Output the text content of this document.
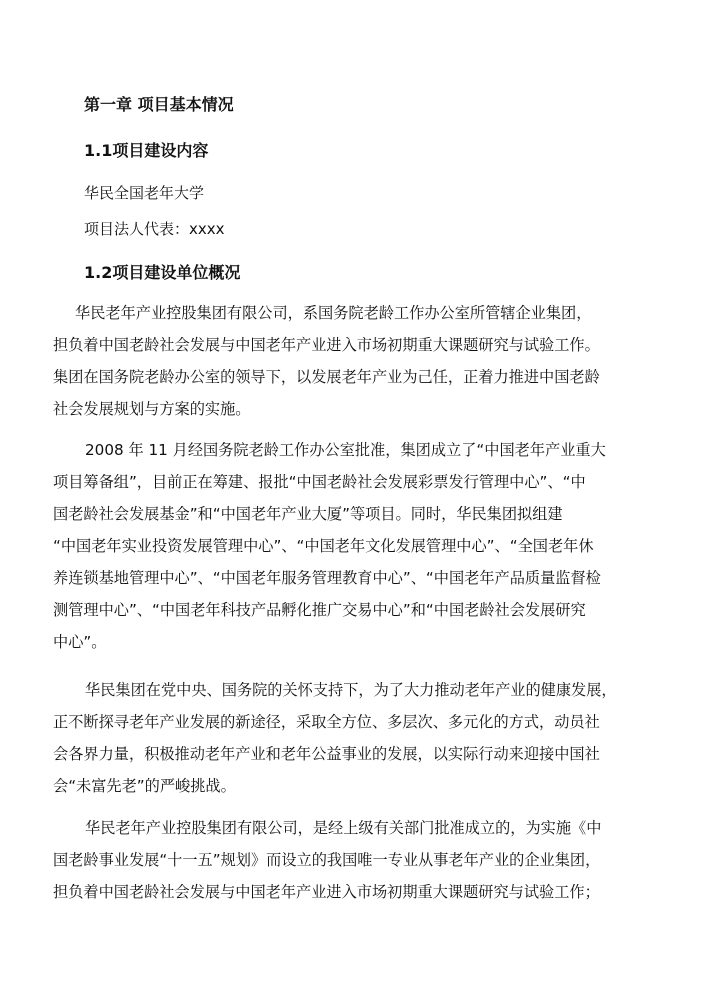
第一章 项目基本情况
1.1项目建设内容
华民全国老年大学
项目法人代表：xxxx
1.2项目建设单位概况
华民老年产业控股集团有限公司，系国务院老龄工作办公室所管辖企业集团，
担负着中国老龄社会发展与中国老年产业进入市场初期重大课题研究与试验工作。
集团在国务院老龄办公室的领导下，以发展老年产业为己任，正着力推进中国老龄
社会发展规划与方案的实施。
2008 年 11 月经国务院老龄工作办公室批准，集团成立了“中国老年产业重大
项目筹备组”，目前正在筹建、报批“中国老龄社会发展彩票发行管理中心”、“中
国老龄社会发展基金”和“中国老年产业大厦”等项目。同时，华民集团拟组建
“中国老年实业投资发展管理中心”、“中国老年文化发展管理中心”、“全国老年休
养连锁基地管理中心”、“中国老年服务管理教育中心”、“中国老年产品质量监督检
测管理中心”、“中国老年科技产品孵化推广交易中心”和“中国老龄社会发展研究
中心”。
华民集团在党中央、国务院的关怀支持下，为了大力推动老年产业的健康发展，
正不断探寻老年产业发展的新途径，采取全方位、多层次、多元化的方式，动员社
会各界力量，积极推动老年产业和老年公益事业的发展，以实际行动来迎接中国社
会“未富先老”的严峻挑战。
华民老年产业控股集团有限公司，是经上级有关部门批准成立的，为实施《中
国老龄事业发展“十一五”规划》而设立的我国唯一专业从事老年产业的企业集团，
担负着中国老龄社会发展与中国老年产业进入市场初期重大课题研究与试验工作；
